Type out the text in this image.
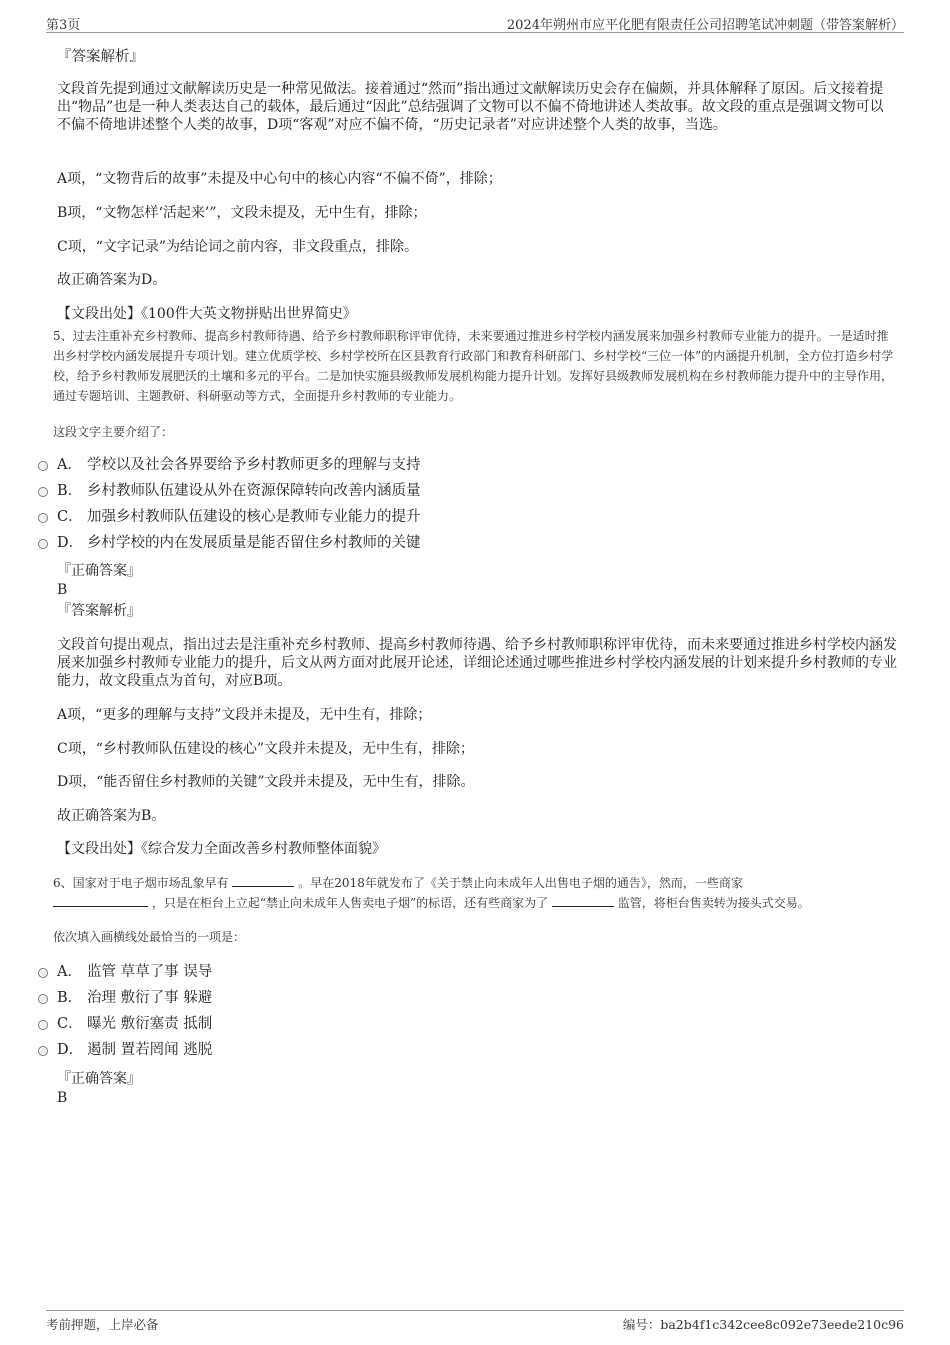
第3页	2024年朔州市应平化肥有限责任公司招聘笔试冲刺题（带答案解析）
『答案解析』
文段首先提到通过文献解读历史是一种常见做法。接着通过“然而”指出通过文献解读历史会存在偏颇，并具体解释了原因。后文接着提出“物品”也是一种人类表达自己的载体，最后通过“因此”总结强调了文物可以不偏不倚地讲述人类故事。故文段的重点是强调文物可以不偏不倚地讲述整个人类的故事，D项“客观”对应不偏不倚，“历史记录者”对应讲述整个人类的故事，当选。
A项，“文物背后的故事”未提及中心句中的核心内容“不偏不倚”，排除；
B项，“文物怎样‘活起来’”，文段未提及，无中生有，排除；
C项，“文字记录”为结论词之前内容，非文段重点，排除。
故正确答案为D。
【文段出处】《100件大英文物拼贴出世界简史》
5、过去注重补充乡村教师、提高乡村教师待遇、给予乡村教师职称评审优待，未来要通过推进乡村学校内涵发展来加强乡村教师专业能力的提升。一是适时推出乡村学校内涵发展提升专项计划。建立优质学校、乡村学校所在区县教育行政部门和教育科研部门、乡村学校“三位一体”的内涵提升机制，全方位打造乡村学校，给予乡村教师发展肥沃的土壤和多元的平台。二是加快实施县级教师发展机构能力提升计划。发挥好县级教师发展机构在乡村教师能力提升中的主导作用，通过专题培训、主题教研、科研驱动等方式，全面提升乡村教师的专业能力。
这段文字主要介绍了：
A． 学校以及社会各界要给予乡村教师更多的理解与支持
B． 乡村教师队伍建设从外在资源保障转向改善内涵质量
C． 加强乡村教师队伍建设的核心是教师专业能力的提升
D． 乡村学校的内在发展质量是能否留住乡村教师的关键
『正确答案』
B
『答案解析』
文段首句提出观点，指出过去是注重补充乡村教师、提高乡村教师待遇、给予乡村教师职称评审优待，而未来要通过推进乡村学校内涵发展来加强乡村教师专业能力的提升，后文从两方面对此展开论述，详细论述通过哪些推进乡村学校内涵发展的计划来提升乡村教师的专业能力，故文段重点为首句，对应B项。
A项，“更多的理解与支持”文段并未提及，无中生有，排除；
C项，“乡村教师队伍建设的核心”文段并未提及，无中生有，排除；
D项，“能否留住乡村教师的关键”文段并未提及，无中生有，排除。
故正确答案为B。
【文段出处】《综合发力全面改善乡村教师整体面貌》
6、国家对于电子烟市场乱象早有	。早在2018年就发布了《关于禁止向未成年人出售电子烟的通告》，然而，一些商家
，只是在柜台上立起“禁止向未成年人售卖电子烟”的标语，还有些商家为了	监管，将柜台售卖转为接头式交易。
依次填入画横线处最恰当的一项是：
A． 监管 草草了事 误导
B． 治理 敷衍了事 躲避
C． 曝光 敷衍塞责 抵制
D． 遏制 置若罔闻 逃脱
『正确答案』
B
考前押题，上岸必备	编号：ba2b4f1c342cee8c092e73eede210c96
